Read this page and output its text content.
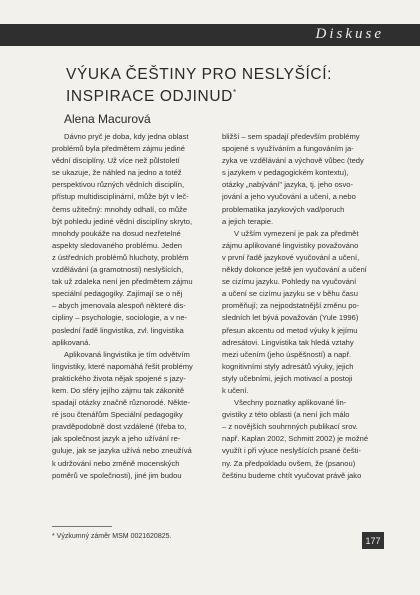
Diskuse
VÝUKA ČEŠTINY PRO NESLYŠÍCÍ:
INSPIRACE ODJINUD*
Alena Macurová

Dávno pryč je doba, kdy jedna oblast
problémů byla předmětem zájmu jediné
vědní disciplíny. Už více než půlstoletí
se ukazuje, že náhled na jedno a totéž
perspektivou různých vědních disciplín,
přístup multidisciplinární, může být v leč-
čems užitečný: mnohdy odhalí, co může
být pohledu jediné vědní disciplíny skryto,
mnohdy poukáže na dosud nezřetelné
aspekty sledovaného problému. Jeden
z ústředních problémů hluchoty, problém
vzdělávání (a gramotnosti) neslyšících,
tak už zdaleka není jen předmětem zájmu
speciální pedagogiky. Zajímají se o něj
– abych jmenovala alespoň některé dis-
cipliny – psychologie, sociologie, a v ne-
poslední řadě lingvistika, zvl. lingvistika
aplikovaná.

Aplikovaná lingvistika je tím odvětvím
lingvistiky, které napomáhá řešit problémy
praktického života nějak spojené s jazy-
kem. Do sféry jejího zájmu tak zákonitě
spadají otázky značně různorodé. Někte-
ré jsou čtenářům Speciální pedagogiky
pravděpodobně dost vzdálené (třeba to,
jak společnost jazyk a jeho užívání re-
guluje, jak se jazyka užívá nebo zneužívá
k udržování nebo změně mocenských
poměrů ve společnosti), jiné jim budou

bližší – sem spadají především problémy
spojené s využíváním a fungováním ja-
zyka ve vzdělávání a výchově vůbec (tedy
s jazykem v pedagogickém kontextu),
otázky „nabývání" jazyka, tj. jeho osvo-
jování a jeho vyučování a učení, a nebo
problematika jazykových vad/poruch
a jejich terapie.

V užším vymezení je pak za předmět
zájmu aplikované lingvistiky považováno
v první řadě jazykové vyučování a učení,
někdy dokonce ještě jen vyučování a učení
se cizímu jazyku. Pohledy na vyučování
a učení se cizímu jazyku se v běhu času
proměňují; za nejpodstatnější změnu po-
sledních let bývá považován (Yule 1996)
přesun akcentu od metod výuky k jejímu
adresátovi. Lingvistika tak hledá vztahy
mezi učením (jeho úspěšností) a např.
kognitivními styly adresátů výuky, jejich
styly učebními, jejich motivací a postoji
k učení.

Všechny poznatky aplikované lin-
gvistiky z této oblasti (a není jich málo
– z novějších souhrnných publikací srov.
např. Kaplan 2002, Schmitt 2002) je možné
využít i při výuce neslyšících psané češti-
ny. Za předpokladu ovšem, že (psanou)
češtinu budeme chtít vyučovat právě jako

* Výzkumný záměr MSM 0021620825.	177
